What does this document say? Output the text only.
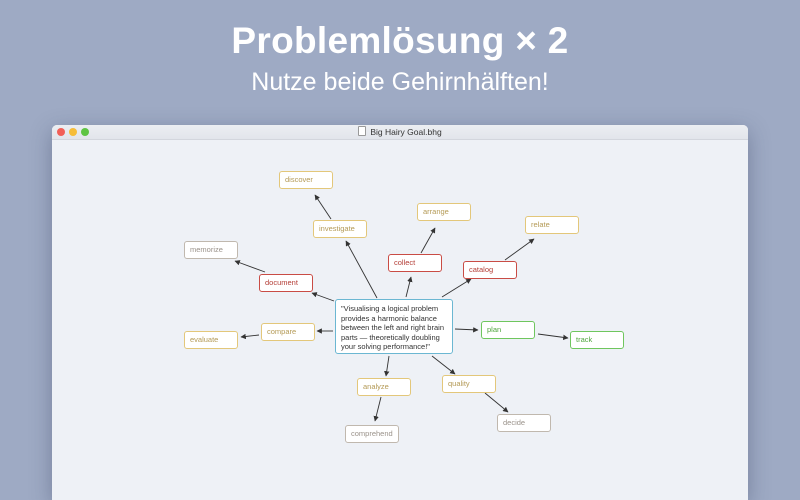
Problemlösung × 2
Nutze beide Gehirnhälften!
Big Hairy Goal.bhg
discover
investigate
memorize
document
arrange
collect
relate
catalog
evaluate
compare
"Visualising a logical problem provides a harmonic balance between the left and right brain parts — theoretically doubling your solving performance!"
plan
track
analyze
comprehend
quality
decide
